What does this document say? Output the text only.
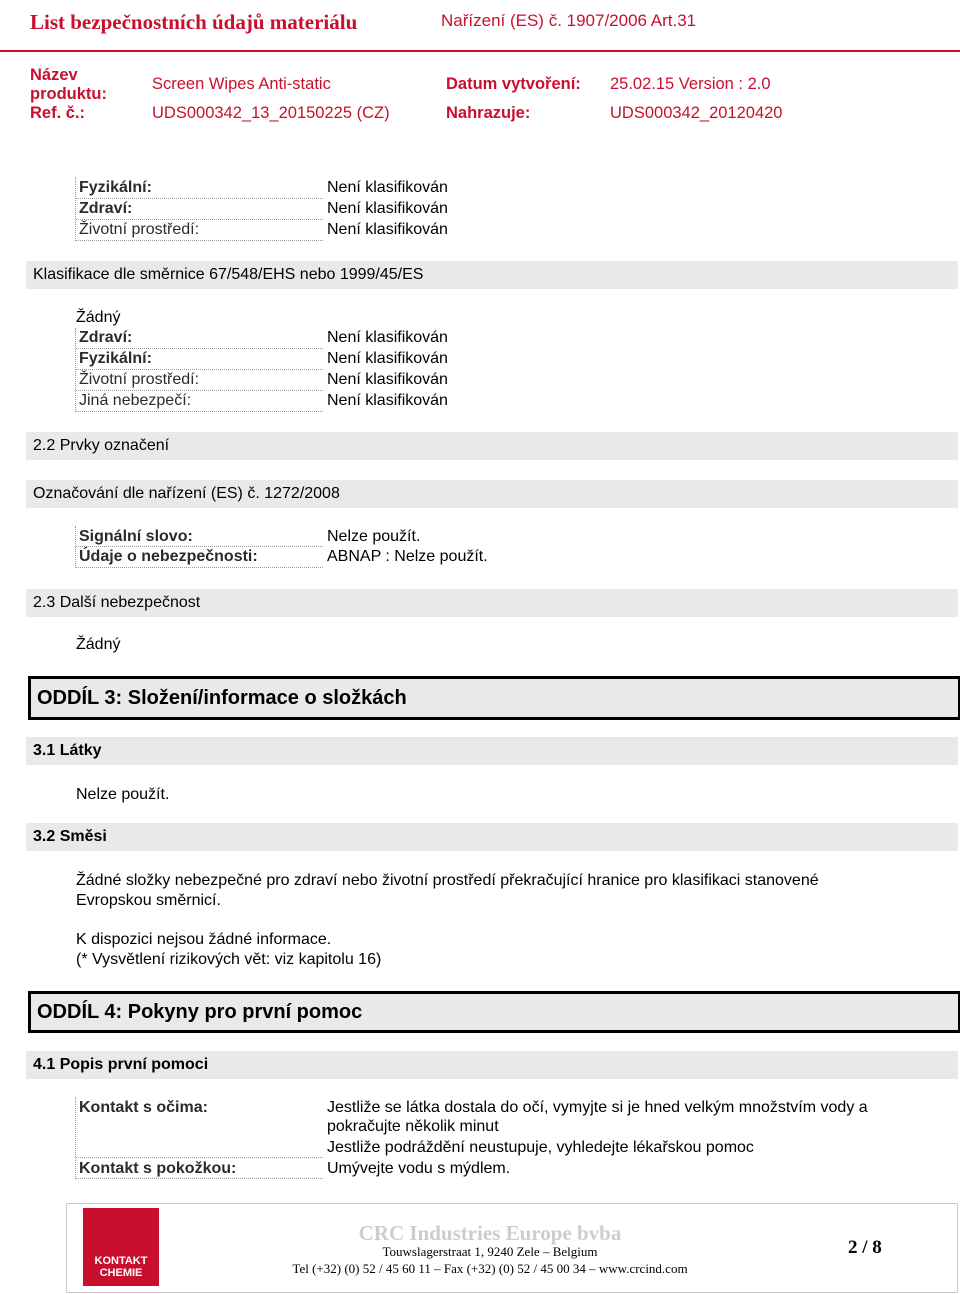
List bezpečnostních údajů materiálu	Nařízení (ES) č. 1907/2006 Art.31
Název
produktu:
Screen Wipes Anti-static	Datum vytvoření: 25.02.15 Version : 2.0
Ref. č.:	UDS000342_13_20150225 (CZ)	Nahrazuje:	UDS000342_20120420
Fyzikální:	Není klasifikován
Zdraví:	Není klasifikován
Životní prostředí:	Není klasifikován
Klasifikace dle směrnice 67/548/EHS nebo 1999/45/ES
Žádný
Zdraví:	Není klasifikován
Fyzikální:	Není klasifikován
Životní prostředí:	Není klasifikován
Jiná nebezpečí:	Není klasifikován
2.2 Prvky označení
Označování dle nařízení (ES) č. 1272/2008
Signální slovo:	Nelze použít.
Údaje o nebezpečnosti:	ABNAP : Nelze použít.
2.3 Další nebezpečnost
Žádný
ODDÍL 3: Složení/informace o složkách
3.1 Látky
Nelze použít.
3.2 Směsi
Žádné složky nebezpečné pro zdraví nebo životní prostředí překračující hranice pro klasifikaci stanovené
Evropskou směrnicí.
K dispozici nejsou žádné informace.
(* Vysvětlení rizikových vět: viz kapitolu 16)
ODDÍL 4: Pokyny pro první pomoc
4.1 Popis první pomoci
Kontakt s očima:	Jestliže se látka dostala do očí, vymyjte si je hned velkým množstvím vody a
pokračujte několik minut
Jestliže podráždění neustupuje, vyhledejte lékařskou pomoc
Kontakt s pokožkou:	Umývejte vodu s mýdlem.
KONTAKT
CHEMIE
CRC Industries Europe bvba
Touwslagerstraat 1, 9240 Zele – Belgium
Tel (+32) (0) 52 / 45 60 11 – Fax (+32) (0) 52 / 45 00 34 – www.crcind.com
2 / 8
